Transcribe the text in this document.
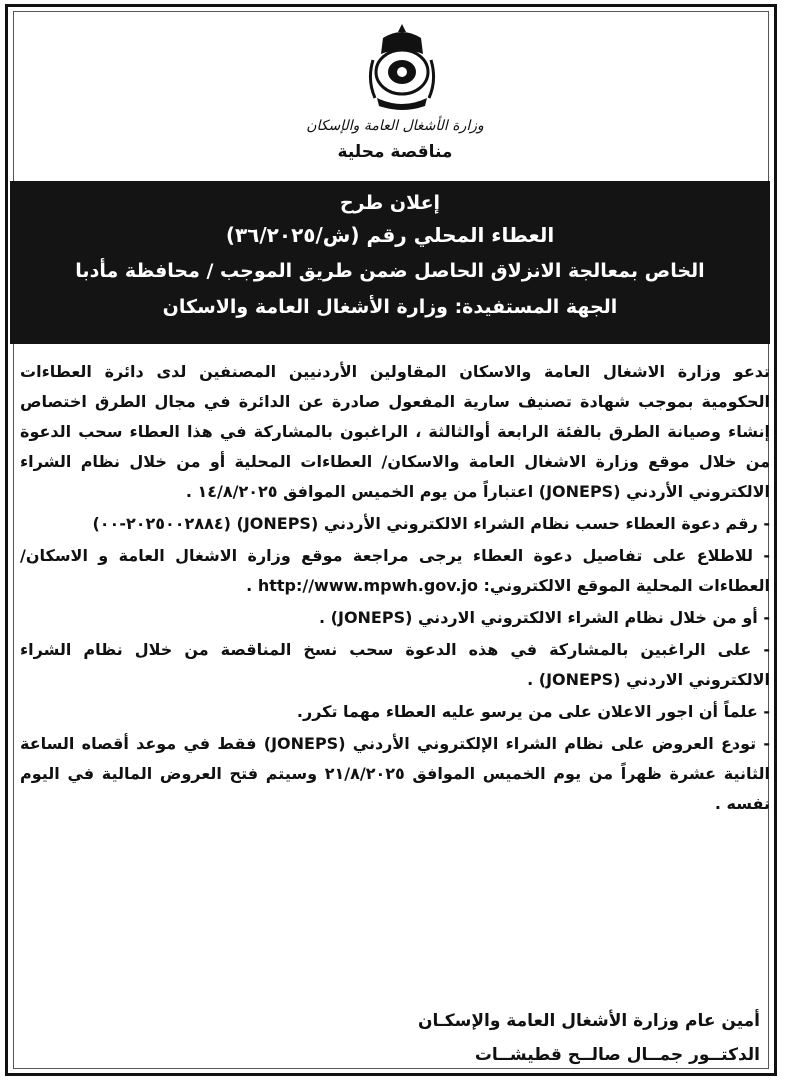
وزارة الأشغال العامة والإسكان
مناقصة محلية
إعلان طرح
العطاء المحلي رقم (ش/٣٦/٢٠٢٥)
الخاص بمعالجة الانزلاق الحاصل ضمن طريق الموجب / محافظة مأدبا
الجهة المستفيدة: وزارة الأشغال العامة والاسكان

تدعو وزارة الاشغال العامة والاسكان المقاولين الأردنيين المصنفين لدى دائرة العطاءات الحكومية بموجب شهادة تصنيف سارية المفعول صادرة عن الدائرة في مجال الطرق اختصاص إنشاء وصيانة الطرق بالفئة الرابعة أوالثالثة ، الراغبون بالمشاركة في هذا العطاء سحب الدعوة من خلال موقع وزارة الاشغال العامة والاسكان/ العطاءات المحلية أو من خلال نظام الشراء الالكتروني الأردني (JONEPS) اعتباراً من يوم الخميس الموافق ١٤/٨/٢٠٢٥ .

- رقم دعوة العطاء حسب نظام الشراء الالكتروني الأردني (JONEPS) (٢٠٢٥٠٠٢٨٨٤-٠٠)

- للاطلاع على تفاصيل دعوة العطاء يرجى مراجعة موقع وزارة الاشغال العامة و الاسكان/العطاءات المحلية الموقع الالكتروني: http://www.mpwh.gov.jo .

- أو من خلال نظام الشراء الالكتروني الاردني (JONEPS) .

- على الراغبين بالمشاركة في هذه الدعوة سحب نسخ المناقصة من خلال نظام الشراء الالكتروني الاردني (JONEPS) .

- علماً أن اجور الاعلان على من يرسو عليه العطاء مهما تكرر.

- تودع العروض على نظام الشراء الإلكتروني الأردني (JONEPS) فقط في موعد أقصاه الساعة الثانية عشرة ظهراً من يوم الخميس الموافق ٢١/٨/٢٠٢٥ وسيتم فتح العروض المالية في اليوم نفسه .

أمين عام وزارة الأشغال العامة والإسكـان
الدكتــور جمــال صالــح قطيشــات
